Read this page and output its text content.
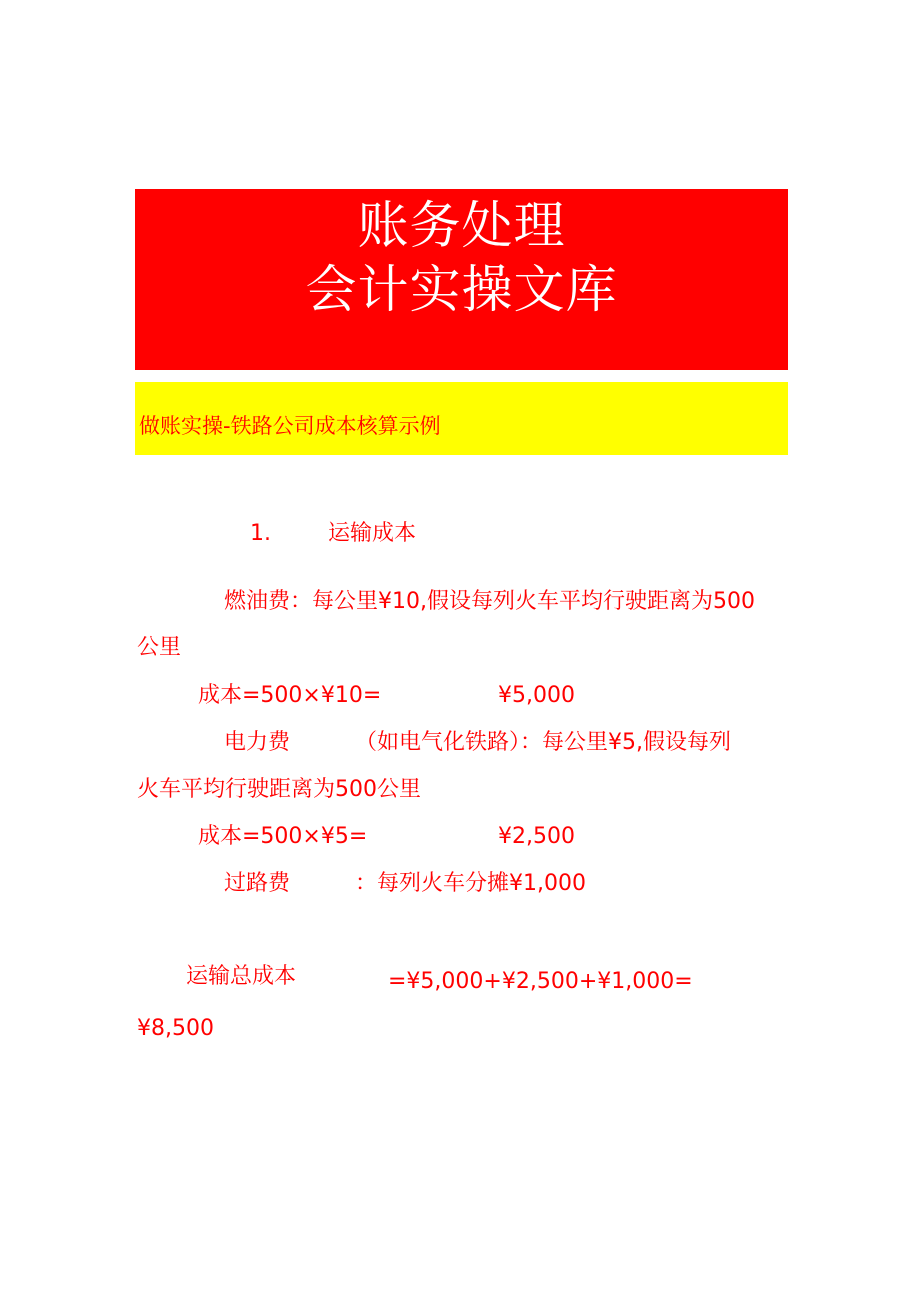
账务处理
会计实操文库
做账实操-铁路公司成本核算示例
1.	运输成本
燃油费：每公里¥10,假设每列火车平均行驶距离为500
公里
成本=500×¥10=	¥5,000
电力费	（如电气化铁路）：每公里¥5,假设每列
火车平均行驶距离为500公里
成本=500×¥5=	¥2,500
过路费	：每列火车分摊¥1,000
运输总成本	=¥5,000+¥2,500+¥1,000=
¥8,500
